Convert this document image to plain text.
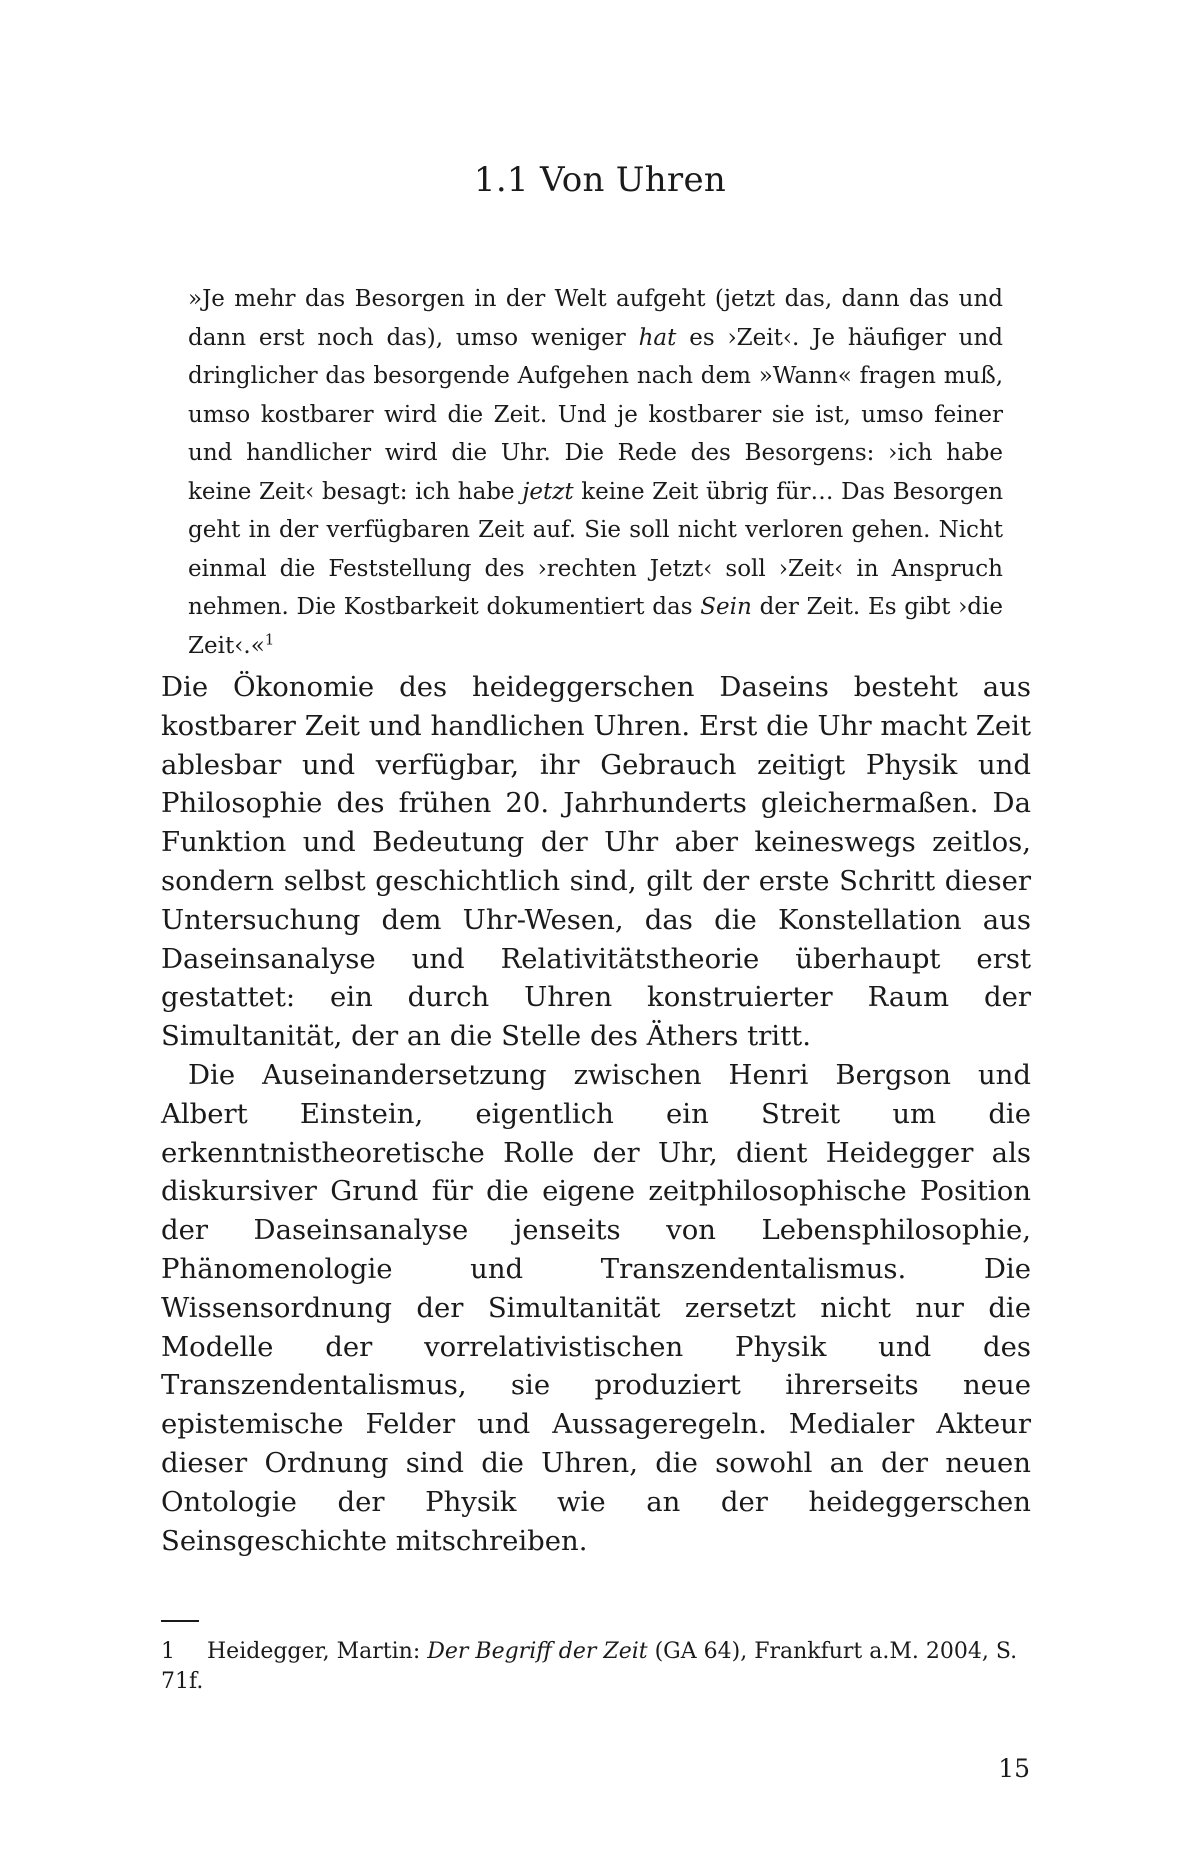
1.1 Von Uhren

»Je mehr das Besorgen in der Welt aufgeht (jetzt das, dann das und dann erst noch das), umso weniger hat es ›Zeit‹. Je häufiger und dringlicher das besorgende Aufgehen nach dem »Wann« fragen muß, umso kostbarer wird die Zeit. Und je kostbarer sie ist, umso feiner und handlicher wird die Uhr. Die Rede des Besorgens: ›ich habe keine Zeit‹ besagt: ich habe jetzt keine Zeit übrig für… Das Besorgen geht in der verfügbaren Zeit auf. Sie soll nicht verloren gehen. Nicht einmal die Feststellung des ›rechten Jetzt‹ soll ›Zeit‹ in Anspruch nehmen. Die Kostbarkeit dokumentiert das Sein der Zeit. Es gibt ›die Zeit‹.«$^1$

Die Ökonomie des heideggerschen Daseins besteht aus kostbarer Zeit und handlichen Uhren. Erst die Uhr macht Zeit ablesbar und verfügbar, ihr Gebrauch zeitigt Physik und Philosophie des frühen 20. Jahrhunderts gleichermaßen. Da Funktion und Bedeutung der Uhr aber keineswegs zeitlos, sondern selbst geschichtlich sind, gilt der erste Schritt dieser Untersuchung dem Uhr-Wesen, das die Konstellation aus Daseinsanalyse und Relativitätstheorie überhaupt erst gestattet: ein durch Uhren konstruierter Raum der Simultanität, der an die Stelle des Äthers tritt.

Die Auseinandersetzung zwischen Henri Bergson und Albert Einstein, eigentlich ein Streit um die erkenntnistheoretische Rolle der Uhr, dient Heidegger als diskursiver Grund für die eigene zeitphilosophische Position der Daseinsanalyse jenseits von Lebensphilosophie, Phänomenologie und Transzendentalismus. Die Wissensordnung der Simultanität zersetzt nicht nur die Modelle der vorrelativistischen Physik und des Transzendentalismus, sie produziert ihrerseits neue epistemische Felder und Aussageregeln. Medialer Akteur dieser Ordnung sind die Uhren, die sowohl an der neuen Ontologie der Physik wie an der heideggerschen Seinsgeschichte mitschreiben.

1 Heidegger, Martin: Der Begriff der Zeit (GA 64), Frankfurt a.M. 2004, S. 71f.
15
